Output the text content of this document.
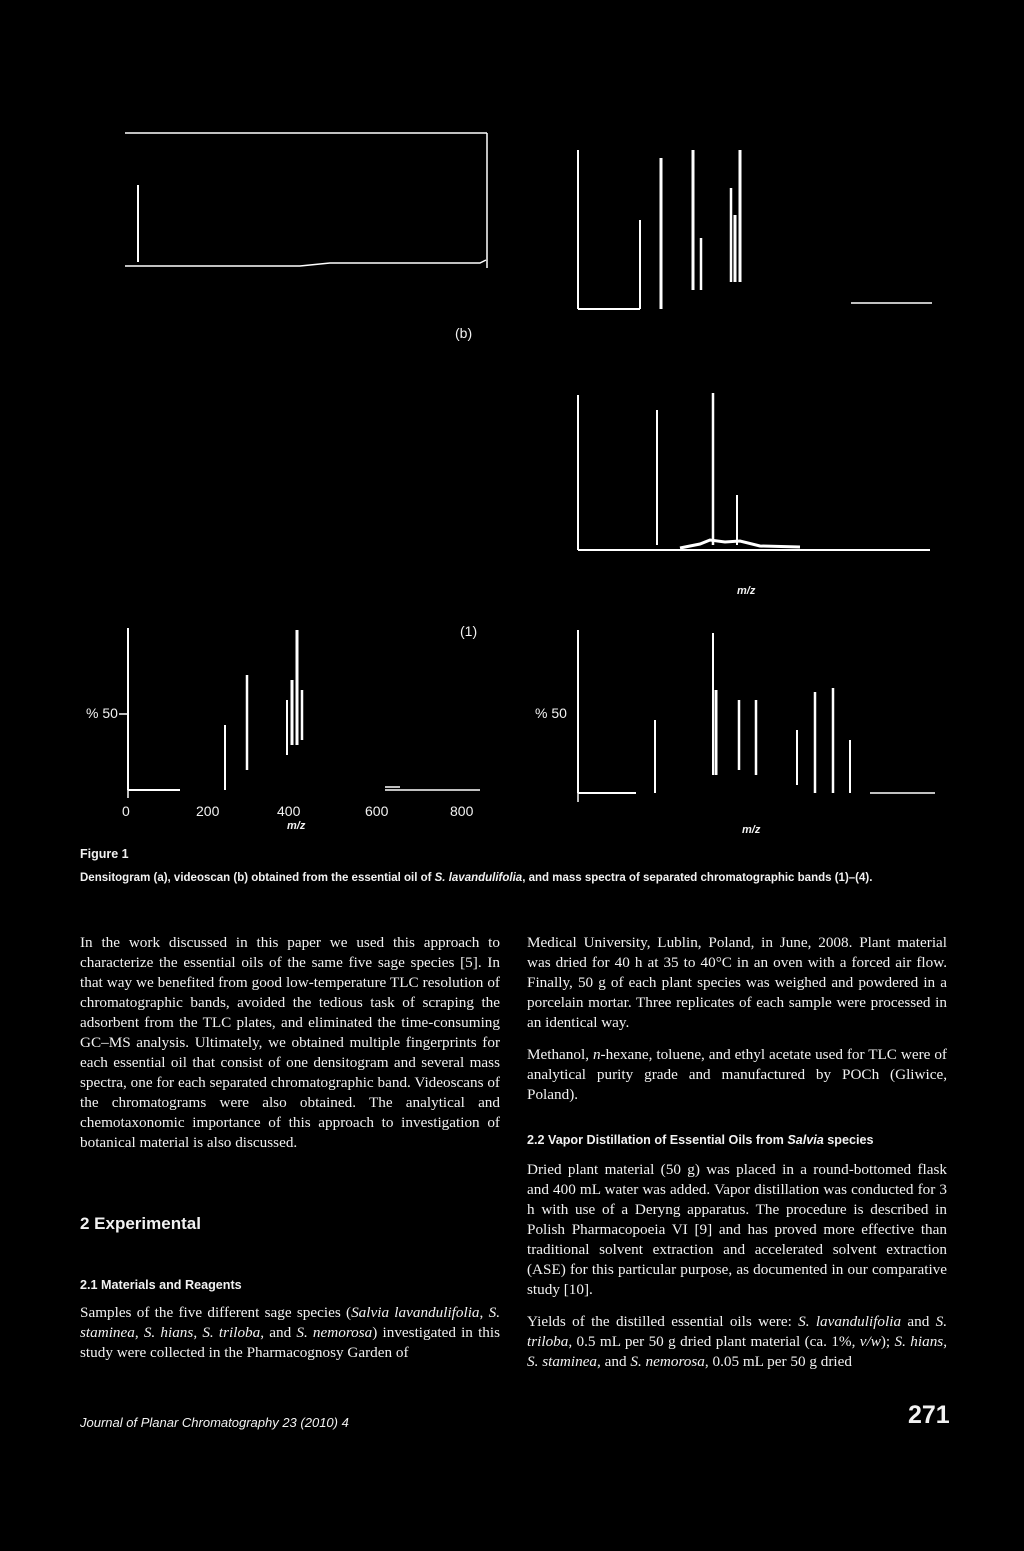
(b)
m/z
(1)
% 50	% 50
0	200	400	600	800
m/z	m/z
Figure 1
Densitogram (a), videoscan (b) obtained from the essential oil of S. lavandulifolia, and mass spectra of separated chromatographic bands (1)–(4).

In the work discussed in this paper we used this approach to characterize the essential oils of the same five sage species [5]. In that way we benefited from good low-temperature TLC resolution of chromatographic bands, avoided the tedious task of scraping the adsorbent from the TLC plates, and eliminated the time-consuming GC–MS analysis. Ultimately, we obtained multiple fingerprints for each essential oil that consist of one densitogram and several mass spectra, one for each separated chromatographic band. Videoscans of the chromatograms were also obtained. The analytical and chemotaxonomic importance of this approach to investigation of botanical material is also discussed.

2 Experimental
2.1 Materials and Reagents
Samples of the five different sage species (Salvia lavandulifolia, S. staminea, S. hians, S. triloba, and S. nemorosa) investigated in this study were collected in the Pharmacognosy Garden of

Medical University, Lublin, Poland, in June, 2008. Plant material was dried for 40 h at 35 to 40°C in an oven with a forced air flow. Finally, 50 g of each plant species was weighed and powdered in a porcelain mortar. Three replicates of each sample were processed in an identical way.

Methanol, n-hexane, toluene, and ethyl acetate used for TLC were of analytical purity grade and manufactured by POCh (Gliwice, Poland).

2.2 Vapor Distillation of Essential Oils from Salvia species

Dried plant material (50 g) was placed in a round-bottomed flask and 400 mL water was added. Vapor distillation was conducted for 3 h with use of a Deryng apparatus. The procedure is described in Polish Pharmacopoeia VI [9] and has proved more effective than traditional solvent extraction and accelerated solvent extraction (ASE) for this particular purpose, as documented in our comparative study [10].

Yields of the distilled essential oils were: S. lavandulifolia and S. triloba, 0.5 mL per 50 g dried plant material (ca. 1%, v/w); S. hians, S. staminea, and S. nemorosa, 0.05 mL per 50 g dried

Journal of Planar Chromatography 23 (2010) 4	271
